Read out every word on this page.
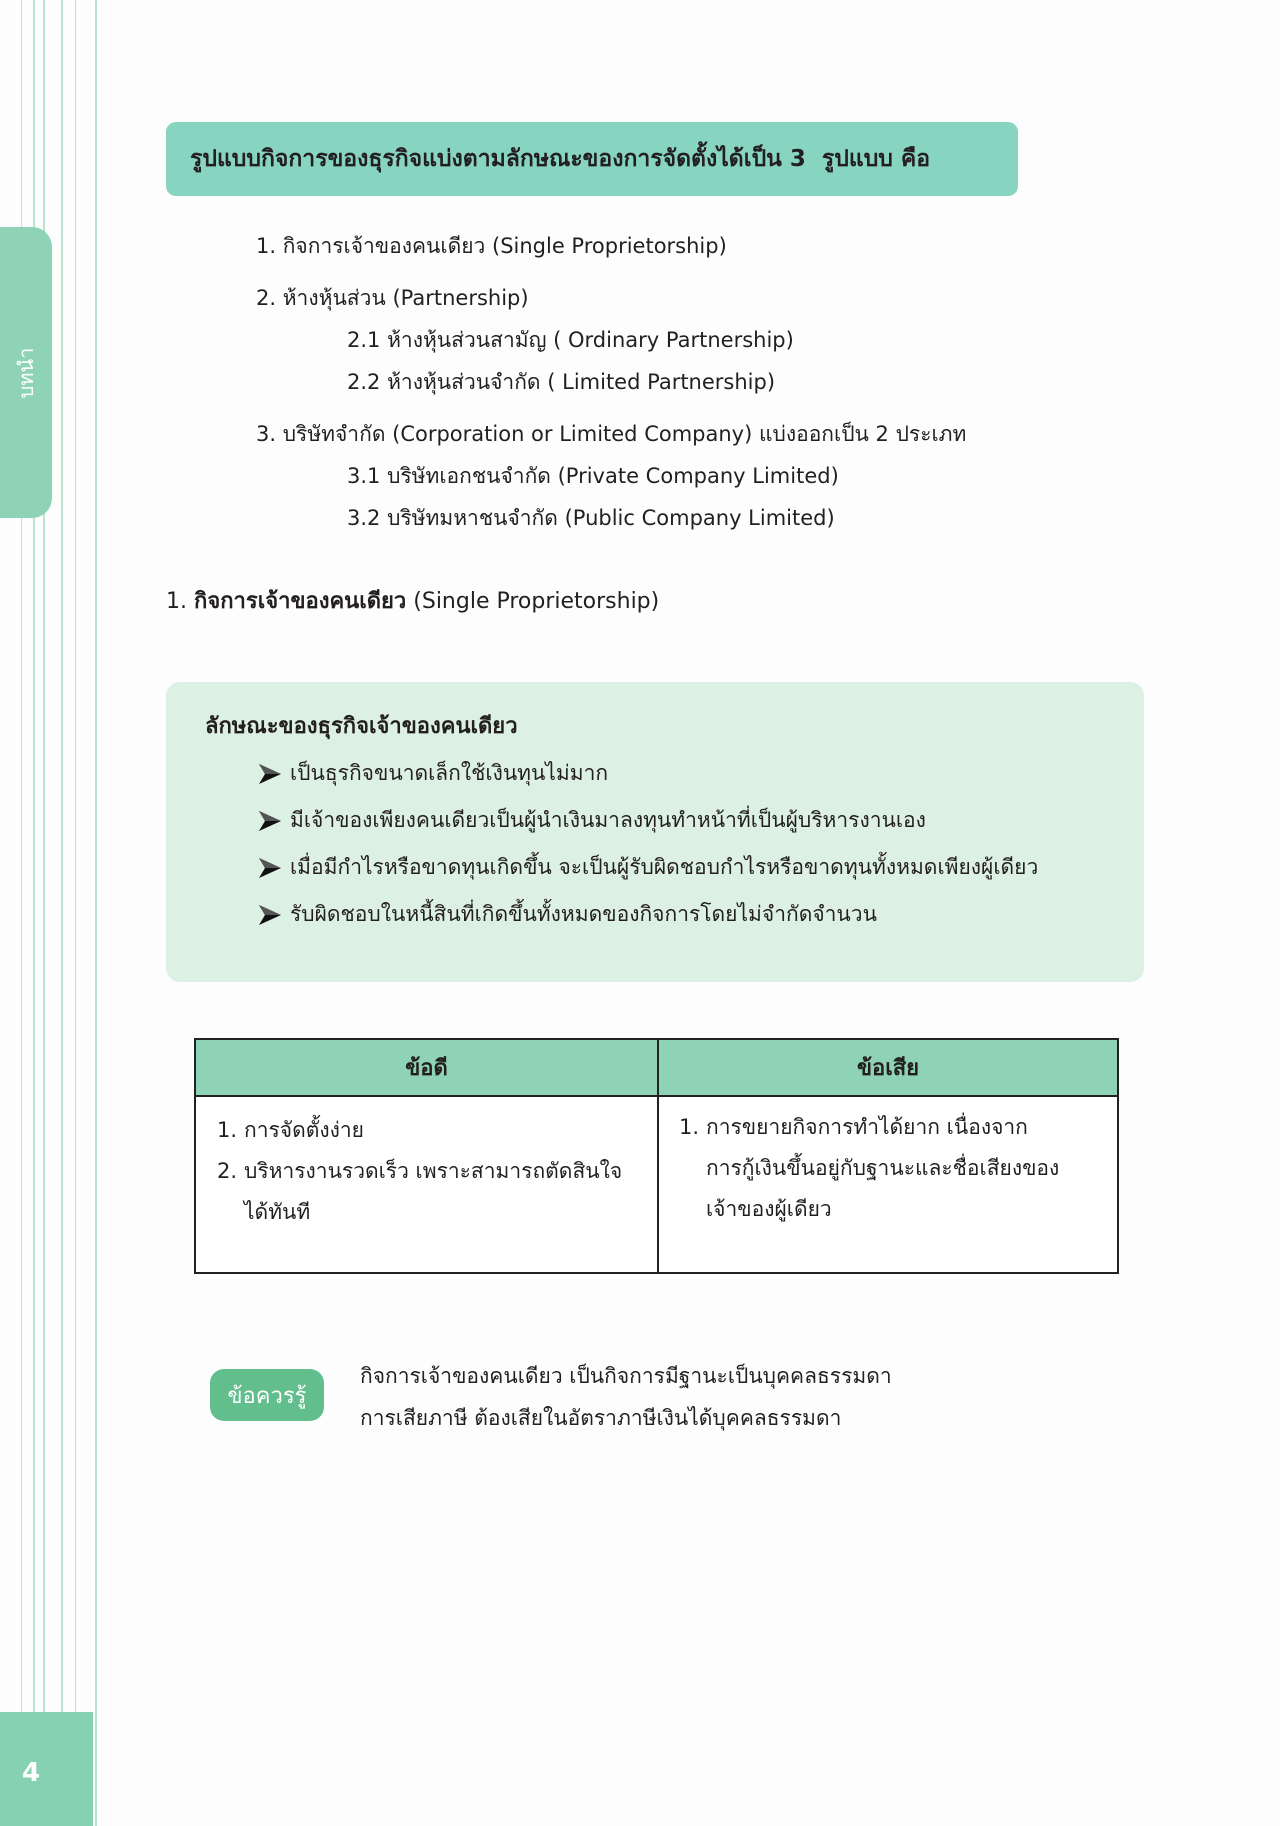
บทนำ
รูปแบบกิจการของธุรกิจแบ่งตามลักษณะของการจัดตั้งได้เป็น 3  รูปแบบ คือ
1. กิจการเจ้าของคนเดียว (Single Proprietorship)
2. ห้างหุ้นส่วน (Partnership)
2.1 ห้างหุ้นส่วนสามัญ ( Ordinary Partnership)
2.2 ห้างหุ้นส่วนจำกัด ( Limited Partnership)
3. บริษัทจำกัด (Corporation or Limited Company) แบ่งออกเป็น 2 ประเภท
3.1 บริษัทเอกชนจำกัด (Private Company Limited)
3.2 บริษัทมหาชนจำกัด (Public Company Limited)
1. กิจการเจ้าของคนเดียว (Single Proprietorship)
ลักษณะของธุรกิจเจ้าของคนเดียว
เป็นธุรกิจขนาดเล็กใช้เงินทุนไม่มาก
มีเจ้าของเพียงคนเดียวเป็นผู้นำเงินมาลงทุนทำหน้าที่เป็นผู้บริหารงานเอง
เมื่อมีกำไรหรือขาดทุนเกิดขึ้น จะเป็นผู้รับผิดชอบกำไรหรือขาดทุนทั้งหมดเพียงผู้เดียว
รับผิดชอบในหนี้สินที่เกิดขึ้นทั้งหมดของกิจการโดยไม่จำกัดจำนวน
ข้อดี	ข้อเสีย
1. การจัดตั้งง่าย
2. บริหารงานรวดเร็ว เพราะสามารถตัดสินใจ
ได้ทันที
1. การขยายกิจการทำได้ยาก เนื่องจาก
การกู้เงินขึ้นอยู่กับฐานะและชื่อเสียงของ
เจ้าของผู้เดียว
ข้อควรรู้
กิจการเจ้าของคนเดียว เป็นกิจการมีฐานะเป็นบุคคลธรรมดา
การเสียภาษี ต้องเสียในอัตราภาษีเงินได้บุคคลธรรมดา
4
